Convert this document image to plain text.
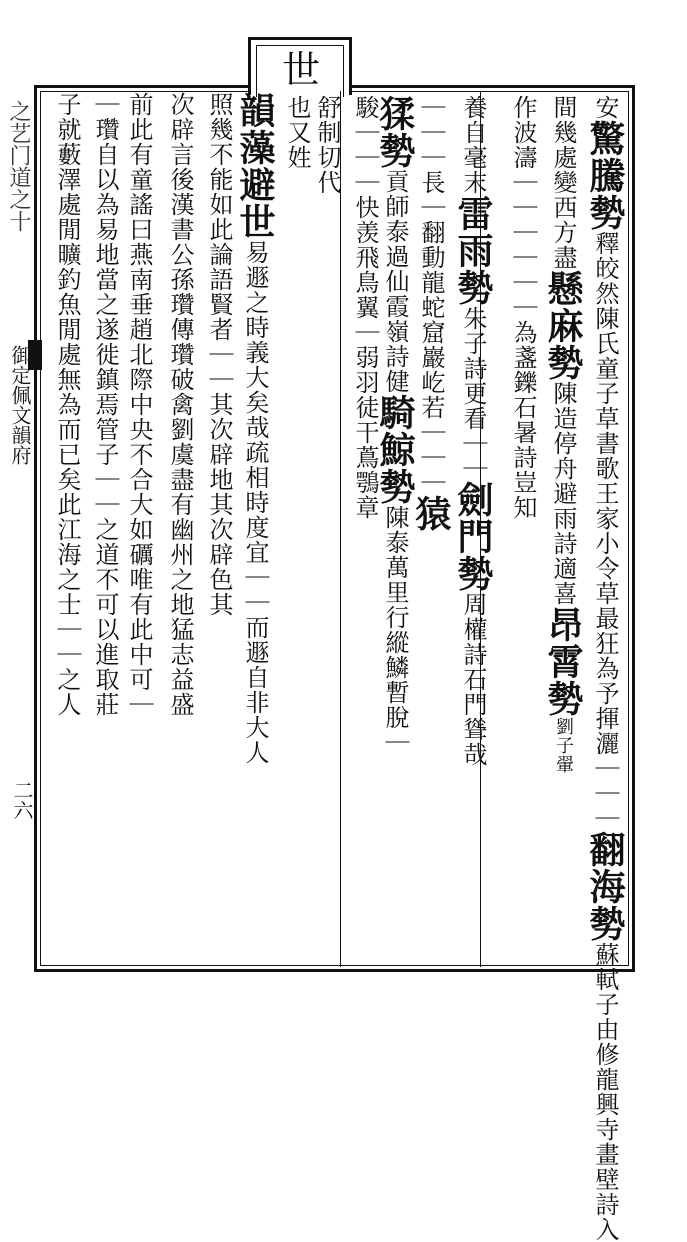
世
之艺门道之十
御定佩文韻府
二六
安驚騰勢釋皎然陳氏童子草書歌王家小令草最狂為予揮灑｜｜｜翻海勢蘇軾子由修龍興寺畫壁詩入
間幾處變西方盡懸麻勢陳造停舟避雨詩適喜昂霄勢劉子翬
作波濤｜｜｜｜｜｜為盞鑠石暑詩豈知
養自毫末雷雨勢朱子詩更看｜｜劍門勢周權詩石門聳哉
｜｜｜長｜翻動龍蛇窟巖屹若｜｜｜猿
猱勢貢師泰過仙霞嶺詩健騎鯨勢陳泰萬里行縱鱗暫脫｜
駿｜｜｜快羡飛鳥翼｜弱羽徒干蔦鶚章
舒制切代
也又姓
韻藻避世易遯之時義大矣哉疏相時度宜｜｜而遯自非大人
照幾不能如此論語賢者｜｜其次辟地其次辟色其
次辟言後漢書公孫瓚傳瓚破禽劉虞盡有幽州之地猛志益盛
前此有童謠曰燕南垂趙北際中央不合大如礪唯有此中可｜
｜瓚自以為易地當之遂徙鎮焉管子｜｜之道不可以進取莊
子就藪澤處閒曠釣魚閒處無為而已矣此江海之士｜｜之人
